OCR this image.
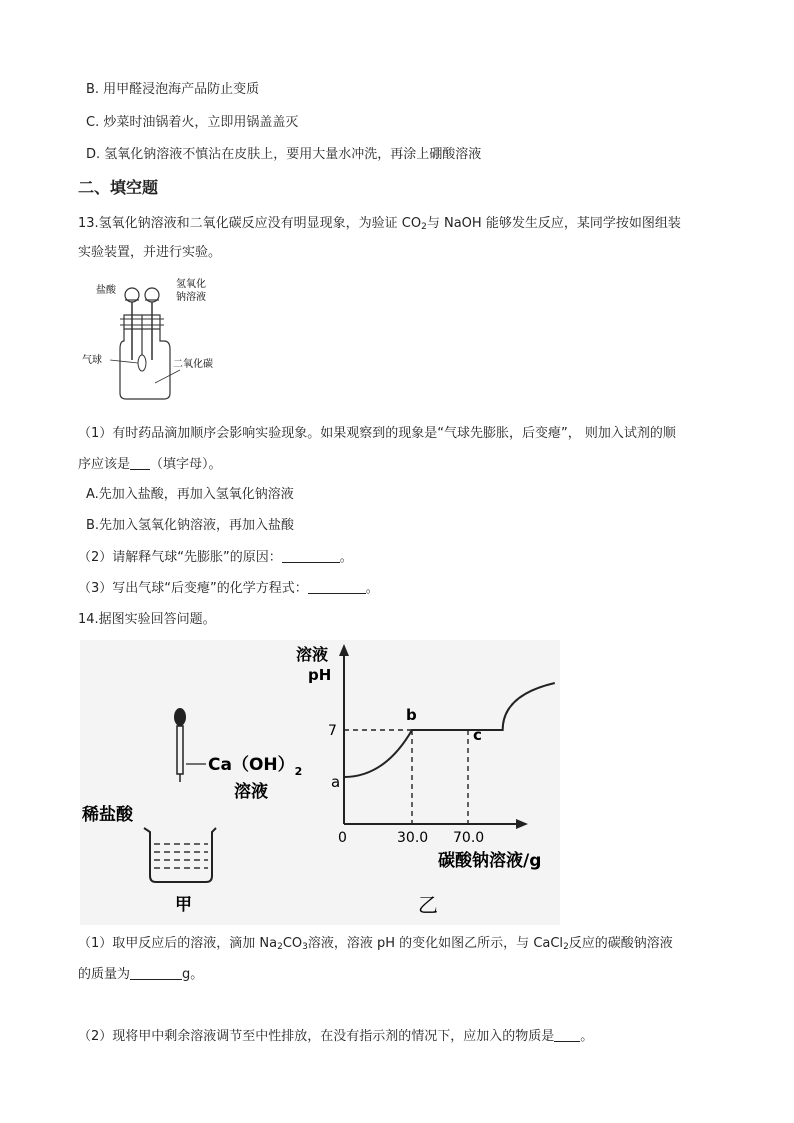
B. 用甲醛浸泡海产品防止变质
C. 炒菜时油锅着火，立即用锅盖盖灭
D. 氢氧化钠溶液不慎沾在皮肤上，要用大量水冲洗，再涂上硼酸溶液
二、填空题
13.氢氧化钠溶液和二氧化碳反应没有明显现象，为验证 $CO_2$与 NaOH 能够发生反应，某同学按如图组装
实验装置，并进行实验。
盐酸
氢氧化
钠溶液
气球	二氧化碳
（1）有时药品滴加顺序会影响实验现象。如果观察到的现象是“气球先膨胀，后变瘪”， 则加入试剂的顺
序应该是 （填字母）。
A.先加入盐酸，再加入氢氧化钠溶液
B.先加入氢氧化钠溶液，再加入盐酸
（2）请解释气球“先膨胀”的原因：	。
（3）写出气球“后变瘪”的化学方程式：	。
14.据图实验回答问题。
$Ca(OH)_2$
溶液
稀盐酸
甲
溶液
pH
碳酸钠溶液/g
7
0	30.0 70.0
a
b
c
乙
（1）取甲反应后的溶液，滴加 $Na_2CO_3$溶液，溶液 pH 的变化如图乙所示，与 CaCl$_2$反应的碳酸钠溶液
的质量为	g。
（2）现将甲中剩余溶液调节至中性排放，在没有指示剂的情况下，应加入的物质是 。
